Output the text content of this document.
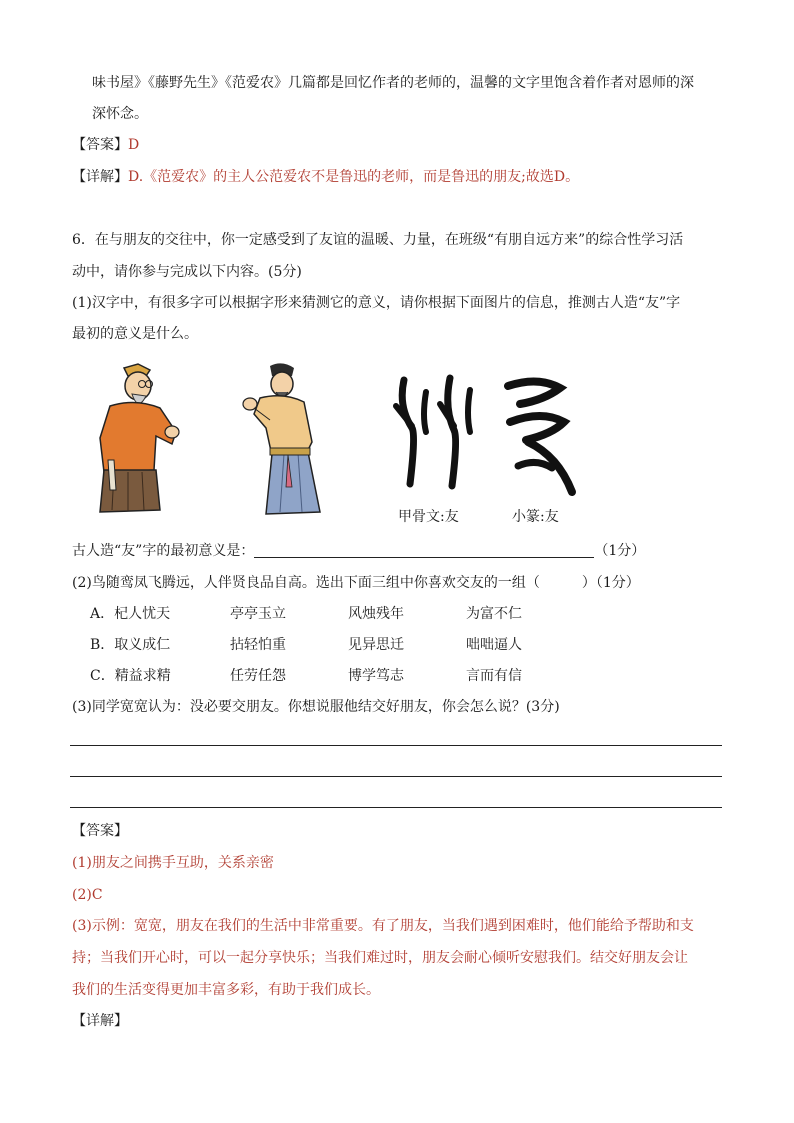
味书屋》《藤野先生》《范爱农》几篇都是回忆作者的老师的，温馨的文字里饱含着作者对恩师的深
深怀念。
【答案】D
【详解】D.《范爱农》的主人公范爱农不是鲁迅的老师，而是鲁迅的朋友;故选D。
6．在与朋友的交往中，你一定感受到了友谊的温暖、力量，在班级“有朋自远方来”的综合性学习活
动中，请你参与完成以下内容。(5分)
(1)汉字中，有很多字可以根据字形来猜测它的意义，请你根据下面图片的信息，推测古人造“友”字
最初的意义是什么。
甲骨文:友	小篆:友
古人造“友”字的最初意义是：	（1分）
(2)鸟随鸾凤飞腾远，人伴贤良品自高。选出下面三组中你喜欢交友的一组（　　　）（1分）
A．杞人忧天	亭亭玉立	风烛残年	为富不仁
B．取义成仁	拈轻怕重	见异思迁	咄咄逼人
C．精益求精	任劳任怨	博学笃志	言而有信
(3)同学宽宽认为：没必要交朋友。你想说服他结交好朋友，你会怎么说？(3分)
【答案】
(1)朋友之间携手互助，关系亲密
(2)C
(3)示例：宽宽，朋友在我们的生活中非常重要。有了朋友，当我们遇到困难时，他们能给予帮助和支
持；当我们开心时，可以一起分享快乐；当我们难过时，朋友会耐心倾听安慰我们。结交好朋友会让
我们的生活变得更加丰富多彩，有助于我们成长。
【详解】
